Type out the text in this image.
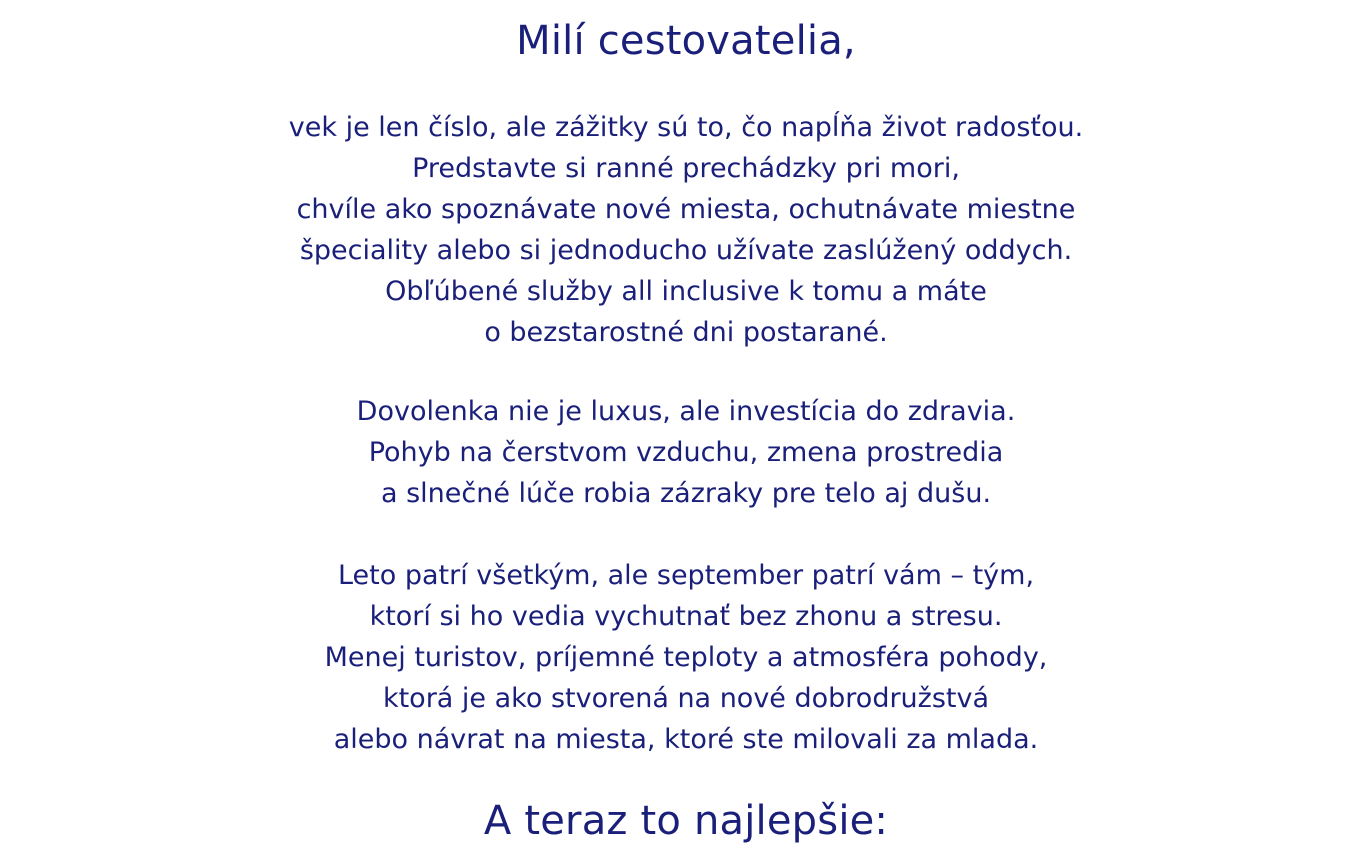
Milí cestovatelia,

vek je len číslo, ale zážitky sú to, čo napĺňa život radosťou.
Predstavte si ranné prechádzky pri mori,
chvíle ako spoznávate nové miesta, ochutnávate miestne
špeciality alebo si jednoducho užívate zaslúžený oddych.
Obľúbené služby all inclusive k tomu a máte
o bezstarostné dni postarané.

Dovolenka nie je luxus, ale investícia do zdravia.
Pohyb na čerstvom vzduchu, zmena prostredia
a slnečné lúče robia zázraky pre telo aj dušu.

Leto patrí všetkým, ale september patrí vám – tým,
ktorí si ho vedia vychutnať bez zhonu a stresu.
Menej turistov, príjemné teploty a atmosféra pohody,
ktorá je ako stvorená na nové dobrodružstvá
alebo návrat na miesta, ktoré ste milovali za mlada.

A teraz to najlepšie:
